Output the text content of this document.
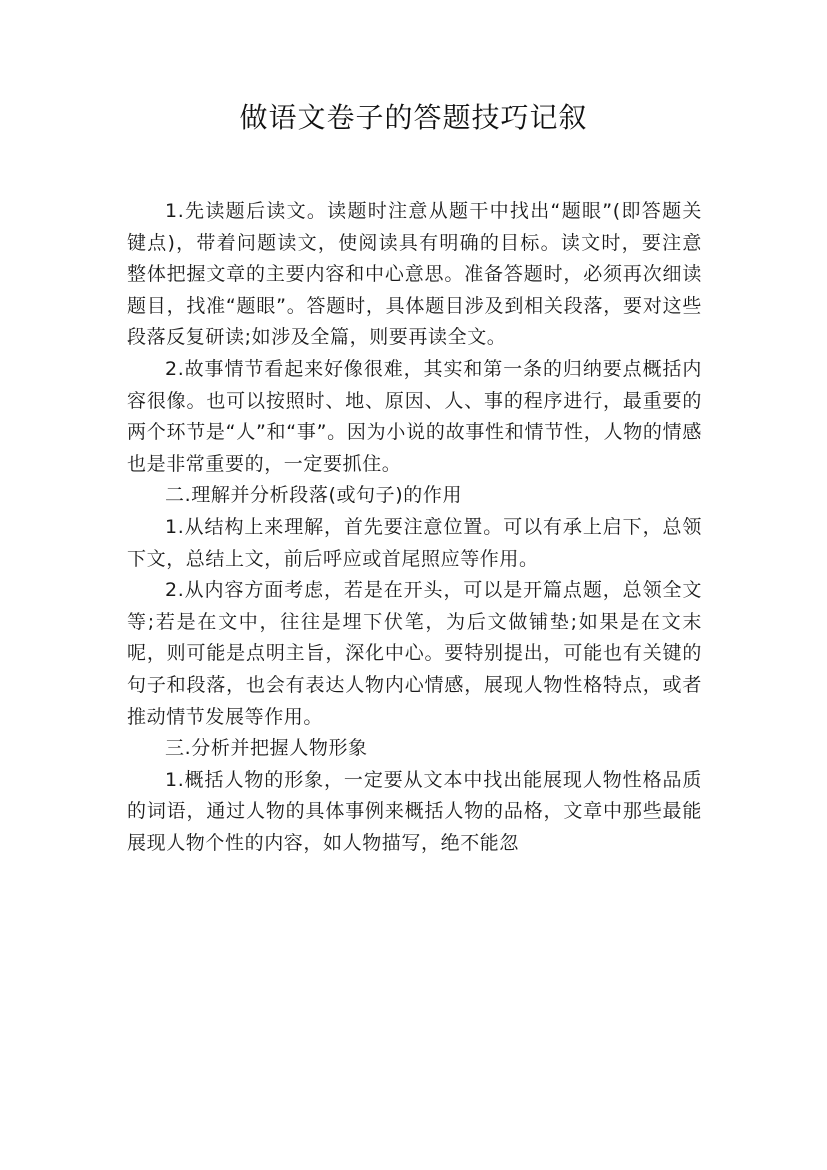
做语文卷子的答题技巧记叙

1.先读题后读文。读题时注意从题干中找出“题眼”(即答题关键点)，带着问题读文，使阅读具有明确的目标。读文时，要注意整体把握文章的主要内容和中心意思。准备答题时，必须再次细读题目，找准“题眼”。答题时，具体题目涉及到相关段落，要对这些段落反复研读;如涉及全篇，则要再读全文。

2.故事情节看起来好像很难，其实和第一条的归纳要点概括内容很像。也可以按照时、地、原因、人、事的程序进行，最重要的两个环节是“人”和“事”。因为小说的故事性和情节性，人物的情感也是非常重要的，一定要抓住。

二.理解并分析段落(或句子)的作用

1.从结构上来理解，首先要注意位置。可以有承上启下，总领下文，总结上文，前后呼应或首尾照应等作用。

2.从内容方面考虑，若是在开头，可以是开篇点题，总领全文等;若是在文中，往往是埋下伏笔，为后文做铺垫;如果是在文末呢，则可能是点明主旨，深化中心。要特别提出，可能也有关键的句子和段落，也会有表达人物内心情感，展现人物性格特点，或者推动情节发展等作用。

三.分析并把握人物形象

1.概括人物的形象，一定要从文本中找出能展现人物性格品质的词语，通过人物的具体事例来概括人物的品格，文章中那些最能展现人物个性的内容，如人物描写，绝不能忽
